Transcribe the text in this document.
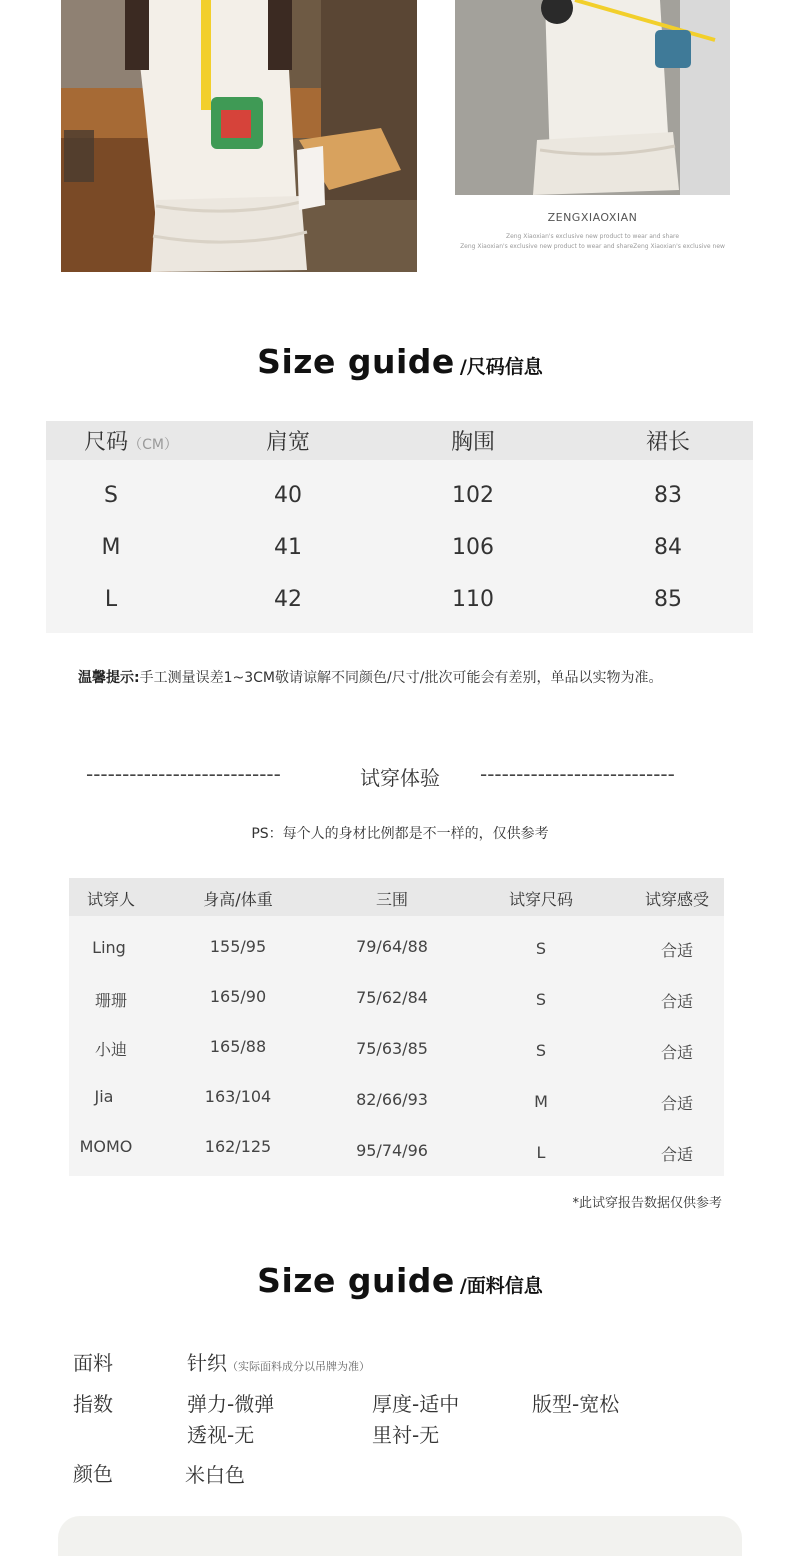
ZENGXIAOXIAN
Zeng Xiaoxian's exclusive new product to wear and share
Zeng Xiaoxian's exclusive new product to wear and shareZeng Xiaoxian's exclusive new
Size guide /尺码信息
尺码（CM）	肩宽	胸围	裙长
S	40	102	83
M	41	106	84
L	42	110	85
温馨提示:手工测量误差1~3CM敬请谅解不同颜色/尺寸/批次可能会有差别，单品以实物为准。
---------------------------	试穿体验 ---------------------------
PS：每个人的身材比例都是不一样的，仅供参考
试穿人	身高/体重	三围	试穿尺码	试穿感受
Ling	155/95	79/64/88	S	合适
珊珊	165/90	75/62/84	S	合适
小迪	165/88	75/63/85	S	合适
Jia	163/104	82/66/93	M	合适
MOMO	162/125	95/74/96	L	合适
*此试穿报告数据仅供参考
Size guide /面料信息
面料	针织（实际面料成分以吊牌为准）
指数	弹力-微弹	厚度-适中	版型-宽松
透视-无	里衬-无
颜色	米白色
